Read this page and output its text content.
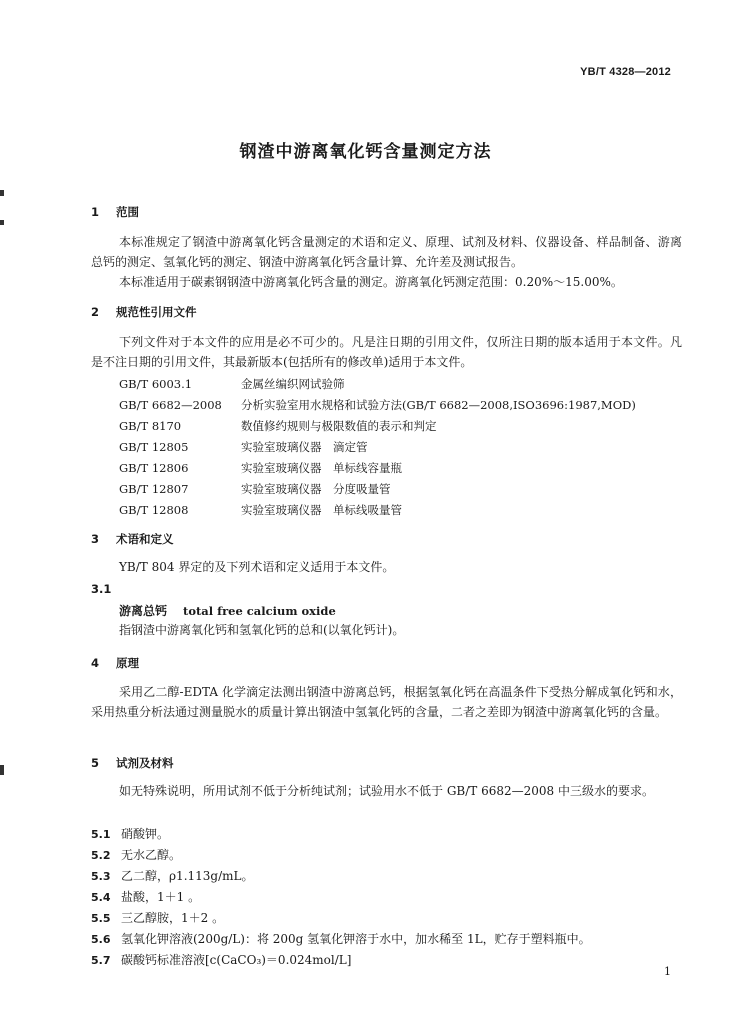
YB/T 4328—2012
钢渣中游离氧化钙含量测定方法
1 范围
本标准规定了钢渣中游离氧化钙含量测定的术语和定义、原理、试剂及材料、仪器设备、样品制备、游离总钙的测定、氢氧化钙的测定、钢渣中游离氧化钙含量计算、允许差及测试报告。
本标准适用于碳素钢钢渣中游离氧化钙含量的测定。游离氧化钙测定范围：0.20%～15.00%。
2 规范性引用文件
下列文件对于本文件的应用是必不可少的。凡是注日期的引用文件，仅所注日期的版本适用于本文件。凡是不注日期的引用文件，其最新版本(包括所有的修改单)适用于本文件。
GB/T 6003.1	金属丝编织网试验筛
GB/T 6682—2008 分析实验室用水规格和试验方法(GB/T 6682—2008,ISO3696:1987,MOD)
GB/T 8170	数值修约规则与极限数值的表示和判定
GB/T 12805	实验室玻璃仪器　滴定管
GB/T 12806	实验室玻璃仪器　单标线容量瓶
GB/T 12807	实验室玻璃仪器　分度吸量管
GB/T 12808	实验室玻璃仪器　单标线吸量管
3 术语和定义
YB/T 804 界定的及下列术语和定义适用于本文件。
3.1
游离总钙 total free calcium oxide
指钢渣中游离氧化钙和氢氧化钙的总和(以氧化钙计)。
4 原理
采用乙二醇-EDTA 化学滴定法测出钢渣中游离总钙，根据氢氧化钙在高温条件下受热分解成氧化钙和水，采用热重分析法通过测量脱水的质量计算出钢渣中氢氧化钙的含量，二者之差即为钢渣中游离氧化钙的含量。
5 试剂及材料
如无特殊说明，所用试剂不低于分析纯试剂；试验用水不低于 GB/T 6682—2008 中三级水的要求。
5.1 硝酸钾。
5.2 无水乙醇。
5.3 乙二醇，ρ1.113g/mL。
5.4 盐酸，1＋1 。
5.5 三乙醇胺，1＋2 。
5.6 氢氧化钾溶液(200g/L)：将 200g 氢氧化钾溶于水中，加水稀至 1L，贮存于塑料瓶中。
5.7 碳酸钙标准溶液[c(CaCO₃)＝0.024mol/L]
1
